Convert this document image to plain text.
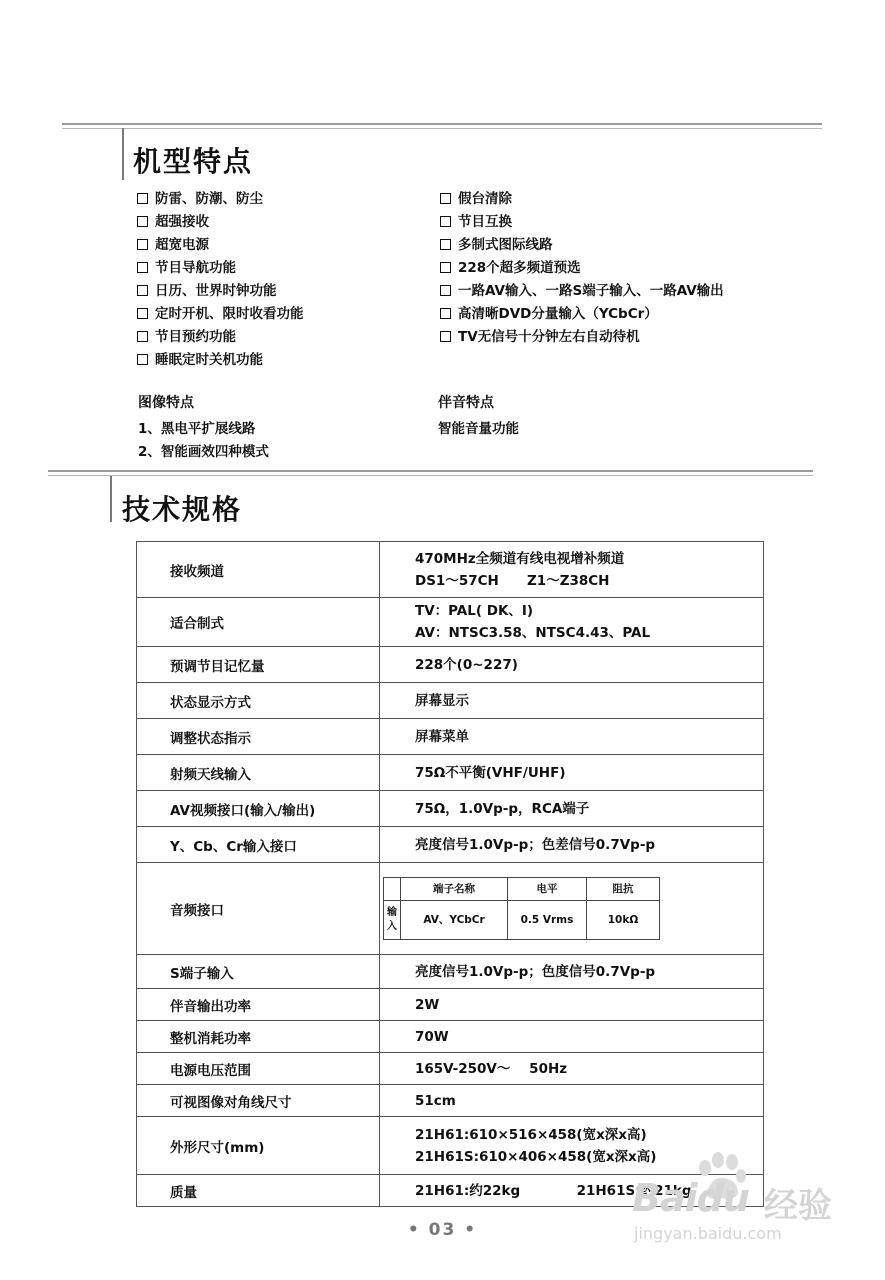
机型特点
防雷、防潮、防尘
超强接收
超宽电源
节目导航功能
日历、世界时钟功能
定时开机、限时收看功能
节目预约功能
睡眠定时关机功能
假台清除
节目互换
多制式图际线路
228个超多频道预选
一路AV输入、一路S端子输入、一路AV输出
高清晰DVD分量输入（YCbCr）
TV无信号十分钟左右自动待机
图像特点

1、黑电平扩展线路

2、智能画效四种模式

伴音特点

智能音量功能

技术规格
接收频道	
470MHz全频道有线电视增补频道
DS1～57CH      Z1～Z38CH

适合制式	
TV：PAL( DK、I)
AV：NTSC3.58、NTSC4.43、PAL

预调节目记忆量	228个(0~227)

状态显示方式	屏幕显示

调整状态指示	屏幕菜单

射频天线输入	75Ω不平衡(VHF/UHF)

AV视频接口(输入/输出)	75Ω，1.0Vp-p，RCA端子

Y、Cb、Cr输入接口	亮度信号1.0Vp-p；色差信号0.7Vp-p

音频接口	
	端子名称	电平	阻抗
输入	AV、YCbCr	0.5 Vrms	10kΩ

S端子输入	亮度信号1.0Vp-p；色度信号0.7Vp-p

伴音输出功率	2W

整机消耗功率	70W

电源电压范围	165V-250V～    50Hz

可视图像对角线尺寸	51cm

外形尺寸(mm)	
21H61:610×516×458(宽x深x高)
21H61S:610×406×458(宽x深x高)

质量	21H61:约22kg            21H61S:约21kg
• 03 •
Baidu 经验
jingyan.baidu.com
